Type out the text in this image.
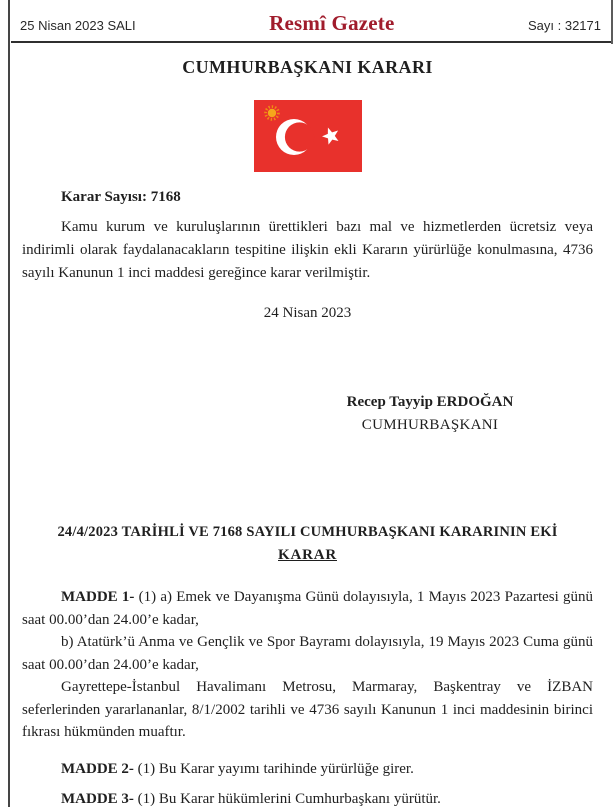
25 Nisan 2023 SALI	Resmî Gazete	Sayı : 32171
CUMHURBAŞKANI KARARI
Karar Sayısı: 7168

Kamu kurum ve kuruluşlarının ürettikleri bazı mal ve hizmetlerden ücretsiz veya indirimli olarak faydalanacakların tespitine ilişkin ekli Kararın yürürlüğe konulmasına, 4736 sayılı Kanunun 1 inci maddesi gereğince karar verilmiştir.

24 Nisan 2023
Recep Tayyip ERDOĞAN
CUMHURBAŞKANI
24/4/2023 TARİHLİ VE 7168 SAYILI CUMHURBAŞKANI KARARININ EKİ
KARAR

MADDE 1- (1) a) Emek ve Dayanışma Günü dolayısıyla, 1 Mayıs 2023 Pazartesi günü saat 00.00’dan 24.00’e kadar,

b) Atatürk’ü Anma ve Gençlik ve Spor Bayramı dolayısıyla, 19 Mayıs 2023 Cuma günü saat 00.00’dan 24.00’e kadar,

Gayrettepe-İstanbul Havalimanı Metrosu, Marmaray, Başkentray ve İZBAN seferlerinden yararlananlar, 8/1/2002 tarihli ve 4736 sayılı Kanunun 1 inci maddesinin birinci fıkrası hükmünden muaftır.

MADDE 2- (1) Bu Karar yayımı tarihinde yürürlüğe girer.

MADDE 3- (1) Bu Karar hükümlerini Cumhurbaşkanı yürütür.
